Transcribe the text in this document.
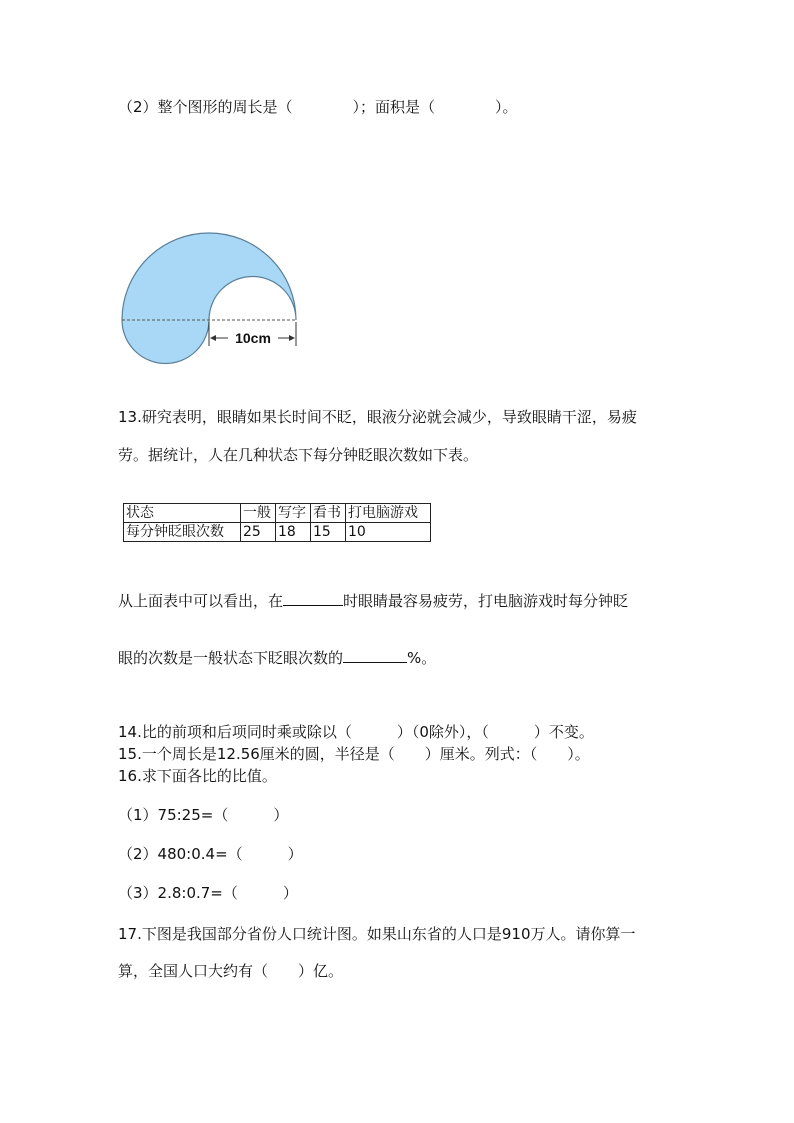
（2）整个图形的周长是（　　　　）；面积是（　　　　）。
10cm
13.研究表明，眼睛如果长时间不眨，眼液分泌就会减少，导致眼睛干涩，易疲
劳。据统计，人在几种状态下每分钟眨眼次数如下表。
状态	一般	写字	看书	打电脑游戏
每分钟眨眼次数	25	18	15	10
从上面表中可以看出，在	时眼睛最容易疲劳，打电脑游戏时每分钟眨
眼的次数是一般状态下眨眼次数的	%。
14.比的前项和后项同时乘或除以（　　　）（0除外），（　　　）不变。
15.一个周长是12.56厘米的圆，半径是（　　）厘米。列式：（　　）。
16.求下面各比的比值。
（1）75:25=（　　　）
（2）480:0.4=（　　　）
（3）2.8:0.7=（　　　）
17.下图是我国部分省份人口统计图。如果山东省的人口是910万人。请你算一
算，全国人口大约有（　　）亿。
